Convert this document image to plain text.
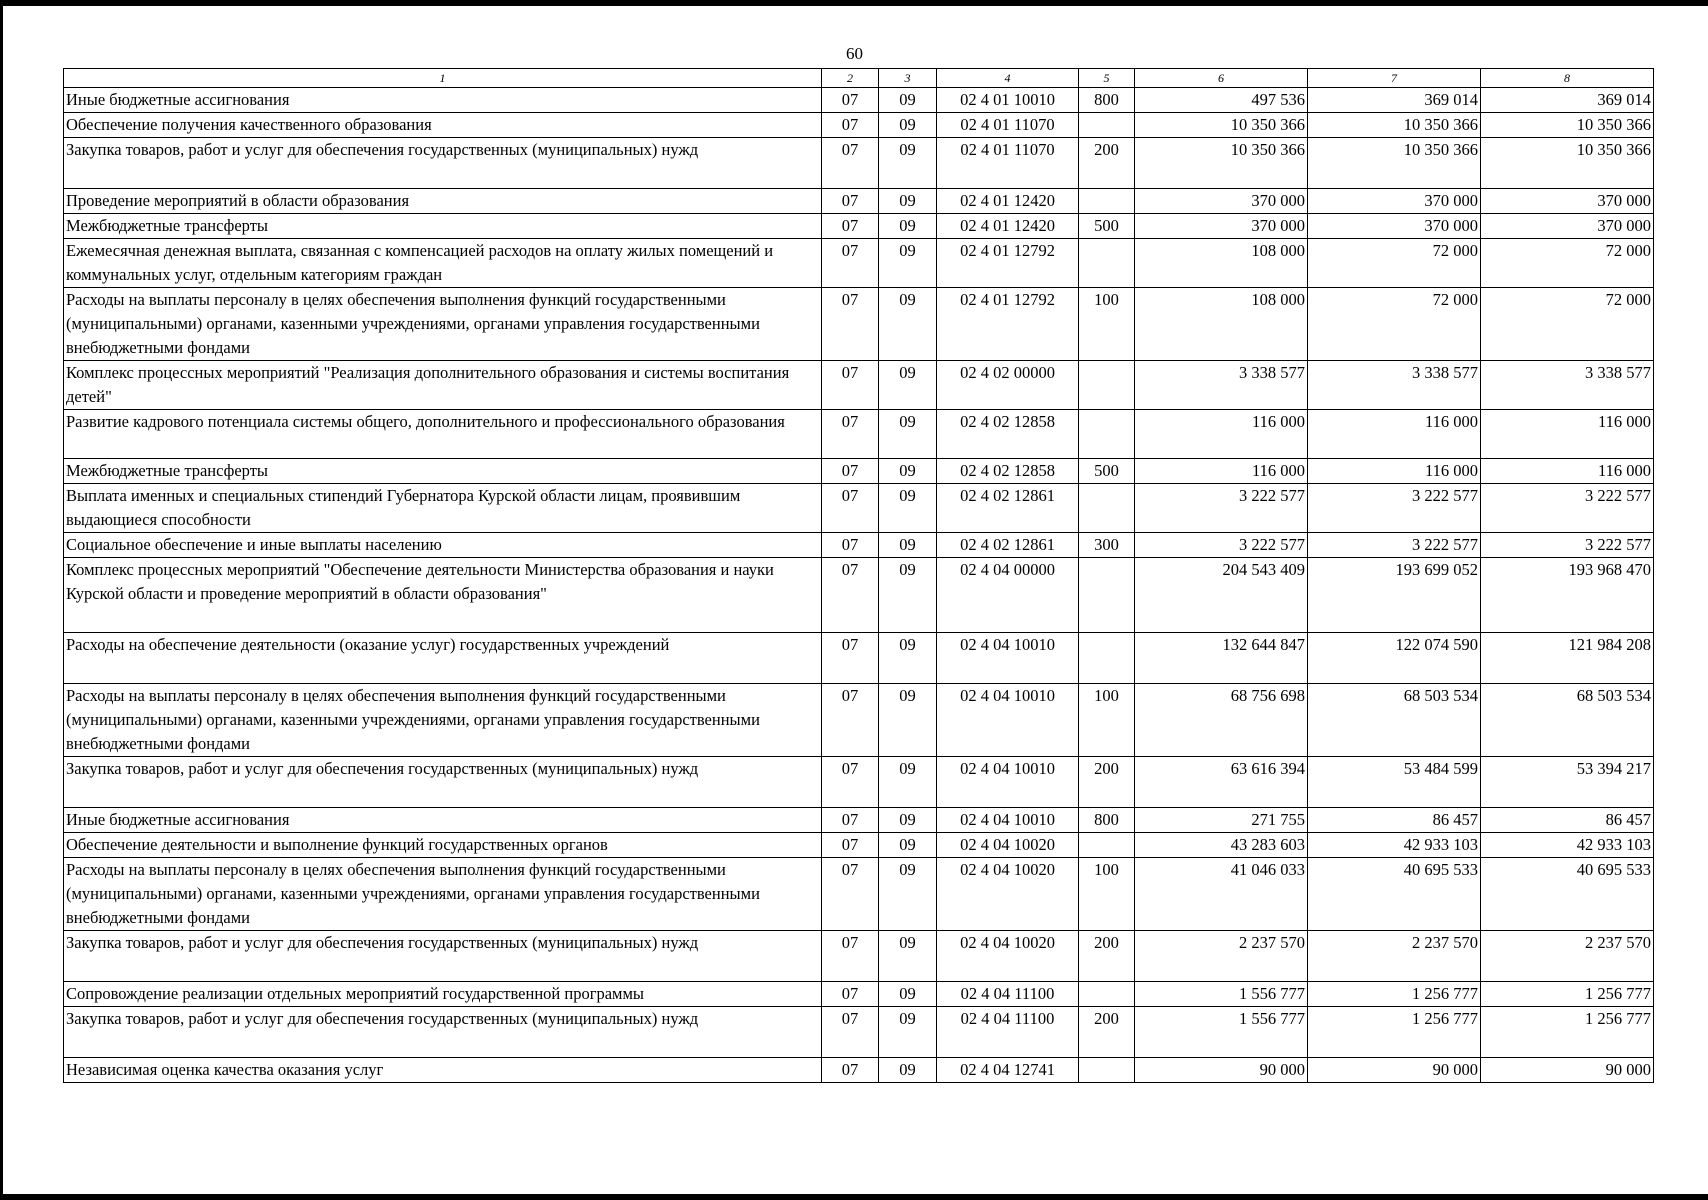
60
1	2	3	4	5	6	7	8
Иные бюджетные ассигнования	07	09	02 4 01 10010	800	497 536	369 014	369 014
Обеспечение получения качественного образования	07	09	02 4 01 11070		10 350 366	10 350 366	10 350 366
Закупка товаров, работ и услуг для обеспечения государственных (муниципальных) нужд	07	09	02 4 01 11070	200	10 350 366	10 350 366	10 350 366
Проведение мероприятий в области образования	07	09	02 4 01 12420		370 000	370 000	370 000
Межбюджетные трансферты	07	09	02 4 01 12420	500	370 000	370 000	370 000
Ежемесячная денежная выплата, связанная с компенсацией расходов на оплату жилых помещений и коммунальных услуг, отдельным категориям граждан	07	09	02 4 01 12792		108 000	72 000	72 000
Расходы на выплаты персоналу в целях обеспечения выполнения функций государственными (муниципальными) органами, казенными учреждениями, органами управления государственными внебюджетными фондами	07	09	02 4 01 12792	100	108 000	72 000	72 000
Комплекс процессных мероприятий "Реализация дополнительного образования и системы воспитания детей"	07	09	02 4 02 00000		3 338 577	3 338 577	3 338 577
Развитие кадрового потенциала системы общего, дополнительного и профессионального образования	07	09	02 4 02 12858		116 000	116 000	116 000
Межбюджетные трансферты	07	09	02 4 02 12858	500	116 000	116 000	116 000
Выплата именных и специальных стипендий Губернатора Курской области лицам, проявившим выдающиеся способности	07	09	02 4 02 12861		3 222 577	3 222 577	3 222 577
Социальное обеспечение и иные выплаты населению	07	09	02 4 02 12861	300	3 222 577	3 222 577	3 222 577
Комплекс процессных мероприятий "Обеспечение деятельности Министерства образования и науки Курской области и проведение мероприятий в области образования"	07	09	02 4 04 00000		204 543 409	193 699 052	193 968 470
Расходы на обеспечение деятельности (оказание услуг) государственных учреждений	07	09	02 4 04 10010		132 644 847	122 074 590	121 984 208
Расходы на выплаты персоналу в целях обеспечения выполнения функций государственными (муниципальными) органами, казенными учреждениями, органами управления государственными внебюджетными фондами	07	09	02 4 04 10010	100	68 756 698	68 503 534	68 503 534
Закупка товаров, работ и услуг для обеспечения государственных (муниципальных) нужд	07	09	02 4 04 10010	200	63 616 394	53 484 599	53 394 217
Иные бюджетные ассигнования	07	09	02 4 04 10010	800	271 755	86 457	86 457
Обеспечение деятельности и выполнение функций государственных органов	07	09	02 4 04 10020		43 283 603	42 933 103	42 933 103
Расходы на выплаты персоналу в целях обеспечения выполнения функций государственными (муниципальными) органами, казенными учреждениями, органами управления государственными внебюджетными фондами	07	09	02 4 04 10020	100	41 046 033	40 695 533	40 695 533
Закупка товаров, работ и услуг для обеспечения государственных (муниципальных) нужд	07	09	02 4 04 10020	200	2 237 570	2 237 570	2 237 570
Сопровождение реализации отдельных мероприятий государственной программы	07	09	02 4 04 11100		1 556 777	1 256 777	1 256 777
Закупка товаров, работ и услуг для обеспечения государственных (муниципальных) нужд	07	09	02 4 04 11100	200	1 556 777	1 256 777	1 256 777
Независимая оценка качества оказания услуг	07	09	02 4 04 12741		90 000	90 000	90 000
